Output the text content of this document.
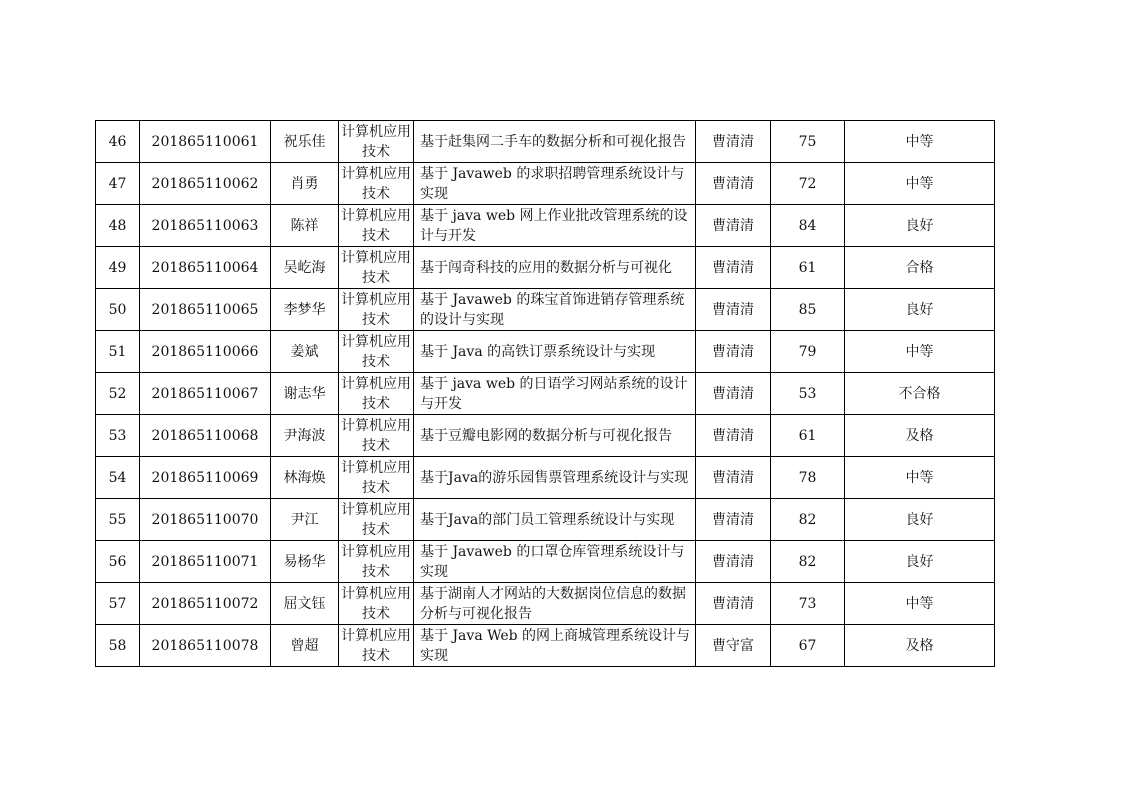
46	201865110061	祝乐佳	计算机应用技术	基于赶集网二手车的数据分析和可视化报告	曹清清	75	中等
47	201865110062	肖勇	计算机应用技术	基于 Javaweb 的求职招聘管理系统设计与实现	曹清清	72	中等
48	201865110063	陈祥	计算机应用技术	基于 java web 网上作业批改管理系统的设计与开发	曹清清	84	良好
49	201865110064	吴屹海	计算机应用技术	基于闯奇科技的应用的数据分析与可视化	曹清清	61	合格
50	201865110065	李梦华	计算机应用技术	基于 Javaweb 的珠宝首饰进销存管理系统的设计与实现	曹清清	85	良好
51	201865110066	姜斌	计算机应用技术	基于 Java 的高铁订票系统设计与实现	曹清清	79	中等
52	201865110067	谢志华	计算机应用技术	基于 java web 的日语学习网站系统的设计与开发	曹清清	53	不合格
53	201865110068	尹海波	计算机应用技术	基于豆瓣电影网的数据分析与可视化报告	曹清清	61	及格
54	201865110069	林海焕	计算机应用技术	基于Java的游乐园售票管理系统设计与实现	曹清清	78	中等
55	201865110070	尹江	计算机应用技术	基于Java的部门员工管理系统设计与实现	曹清清	82	良好
56	201865110071	易杨华	计算机应用技术	基于 Javaweb 的口罩仓库管理系统设计与实现	曹清清	82	良好
57	201865110072	屈文钰	计算机应用技术	基于湖南人才网站的大数据岗位信息的数据分析与可视化报告	曹清清	73	中等
58	201865110078	曾超	计算机应用技术	基于 Java Web 的网上商城管理系统设计与实现	曹守富	67	及格
